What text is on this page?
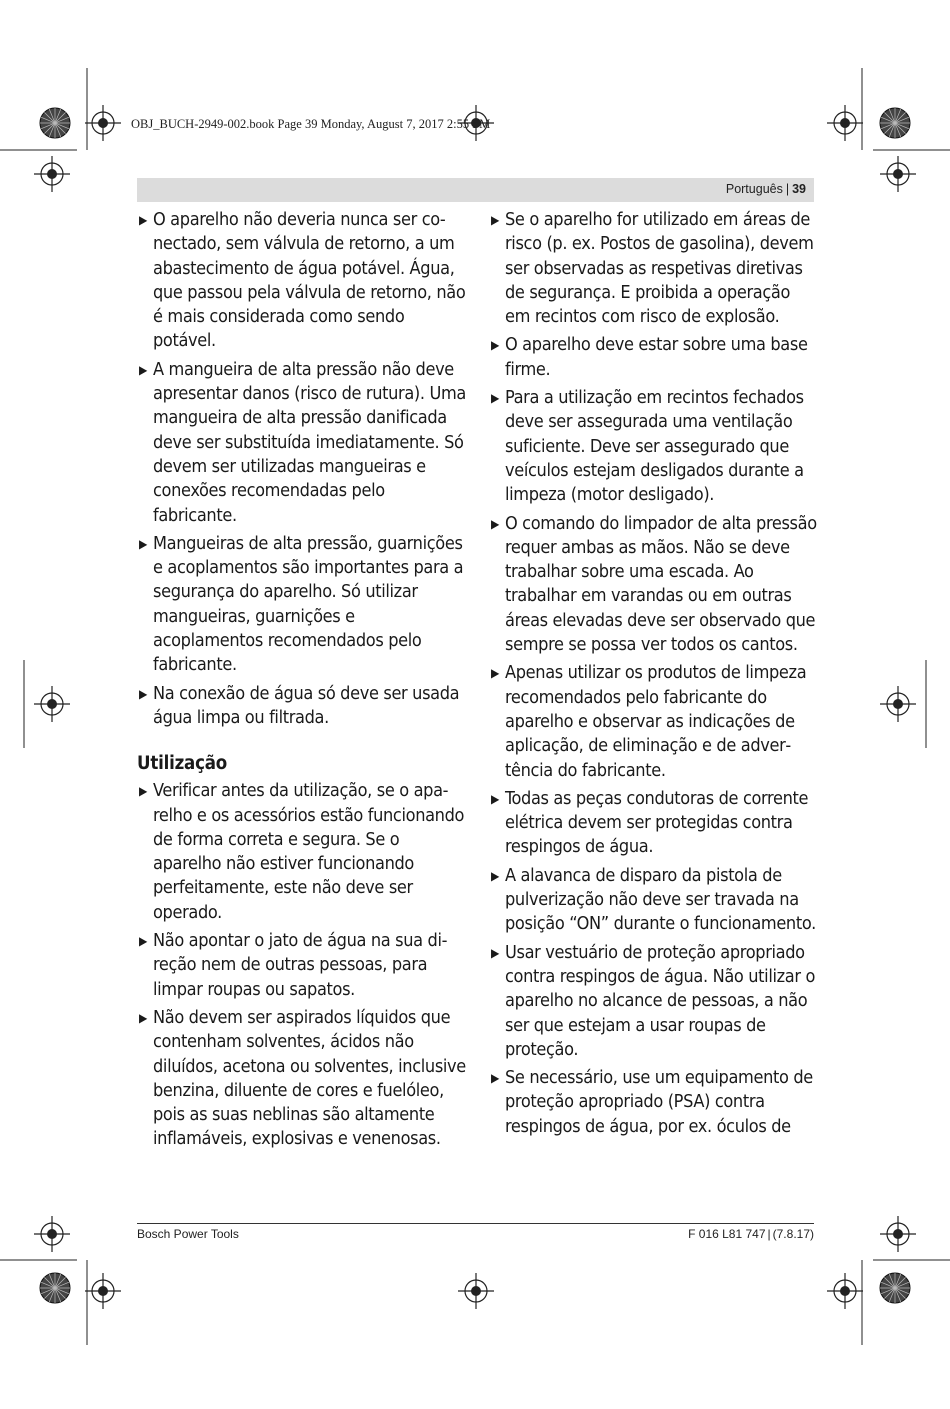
OBJ_BUCH-2949-002.book Page 39 Monday, August 7, 2017 2:55 PM
Português | 39
▶ O aparelho não deveria nunca ser conectado, sem válvula de retorno, a um abastecimento de água potável. Água, que passou pela válvula de retorno, não é mais considerada como sendo potável.
▶ A mangueira de alta pressão não deve apresentar danos (risco de rutura). Uma mangueira de alta pressão danificada deve ser substituída imediatamente. Só devem ser utilizadas mangueiras e conexões recomendadas pelo fabricante.
▶ Mangueiras de alta pressão, guarnições e acoplamentos são importantes para a segurança do aparelho. Só utilizar mangueiras, guarnições e acoplamentos recomendados pelo fabricante.
▶ Na conexão de água só deve ser usada água limpa ou filtrada.
Utilização
▶ Verificar antes da utilização, se o aparelho e os acessórios estão funcionando de forma correta e segura. Se o aparelho não estiver funcionando perfeitamente, este não deve ser operado.
▶ Não apontar o jato de água na sua direção nem de outras pessoas, para limpar roupas ou sapatos.
▶ Não devem ser aspirados líquidos que contenham solventes, ácidos não diluídos, acetona ou solventes, inclusive benzina, diluente de cores e fuelóleo, pois as suas neblinas são altamente inflamáveis, explosivas e venenosas.
▶ Se o aparelho for utilizado em áreas de risco (p. ex. Postos de gasolina), devem ser observadas as respetivas diretivas de segurança. E proibida a operação em recintos com risco de explosão.
▶ O aparelho deve estar sobre uma base firme.
▶ Para a utilização em recintos fechados deve ser assegurada uma ventilação suficiente. Deve ser assegurado que veículos estejam desligados durante a limpeza (motor desligado).
▶ O comando do limpador de alta pressão requer ambas as mãos. Não se deve trabalhar sobre uma escada. Ao trabalhar em varandas ou em outras áreas elevadas deve ser observado que sempre se possa ver todos os cantos.
▶ Apenas utilizar os produtos de limpeza recomendados pelo fabricante do aparelho e observar as indicações de aplicação, de eliminação e de advertência do fabricante.
▶ Todas as peças condutoras de corrente elétrica devem ser protegidas contra respingos de água.
▶ A alavanca de disparo da pistola de pulverização não deve ser travada na posição “ON” durante o funcionamento.
▶ Usar vestuário de proteção apropriado contra respingos de água. Não utilizar o aparelho no alcance de pessoas, a não ser que estejam a usar roupas de proteção.
▶ Se necessário, use um equipamento de proteção apropriado (PSA) contra respingos de água, por ex. óculos de
Bosch Power Tools	F 016 L81 747 | (7.8.17)
